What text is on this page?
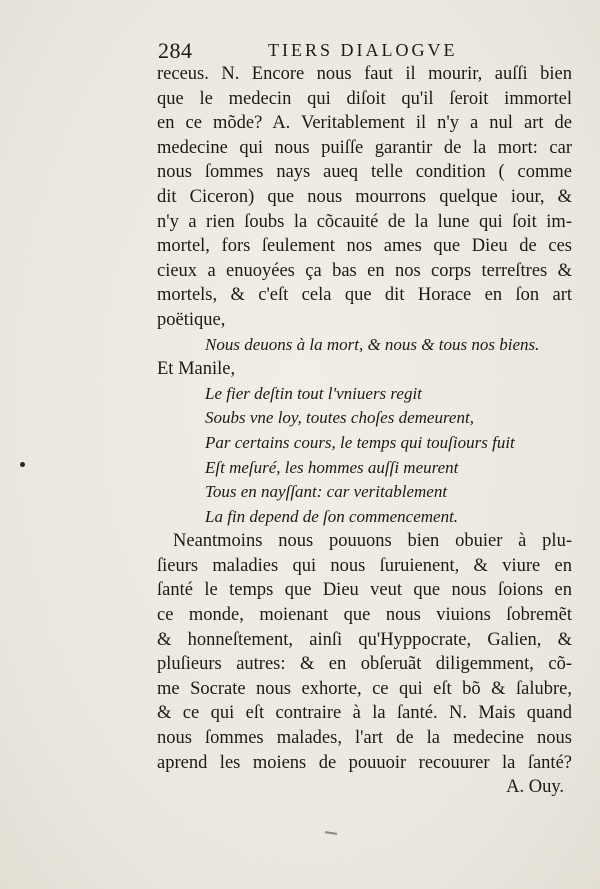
284	TIERS DIALOGVE
receus. N. Encore nous faut il mourir, auſſi bien
que le medecin qui diſoit qu'il ſeroit immortel
en ce mõde? A. Veritablement il n'y a nul art de
medecine qui nous puiſſe garantir de la mort: car
nous ſommes nays aueq telle condition ( comme
dit Ciceron) que nous mourrons quelque iour, &
n'y a rien ſoubs la cõcauité de la lune qui ſoit im-
mortel, fors ſeulement nos ames que Dieu de ces
cieux a enuoyées ça bas en nos corps terreſtres &
mortels, & c'eſt cela que dit Horace en ſon art
poëtique,
Nous deuons à la mort, & nous & tous nos biens.
Et Manile,
Le fier deſtin tout l'vniuers regit
Soubs vne loy, toutes choſes demeurent,
Par certains cours, le temps qui touſiours fuit
Eſt meſuré, les hommes auſſi meurent
Tous en nayſſant: car veritablement
La fin depend de ſon commencement.
Neantmoins nous pouuons bien obuier à plu-
ſieurs maladies qui nous ſuruienent, & viure en
ſanté le temps que Dieu veut que nous ſoions en
ce monde, moienant que nous viuions ſobremẽt
& honneſtement, ainſi qu'Hyppocrate, Galien, &
pluſieurs autres: & en obſeruãt diligemment, cõ-
me Socrate nous exhorte, ce qui eſt bõ & ſalubre,
& ce qui eſt contraire à la ſanté. N. Mais quand
nous ſommes malades, l'art de la medecine nous
aprend les moiens de pouuoir recouurer la ſanté?
A. Ouy.
